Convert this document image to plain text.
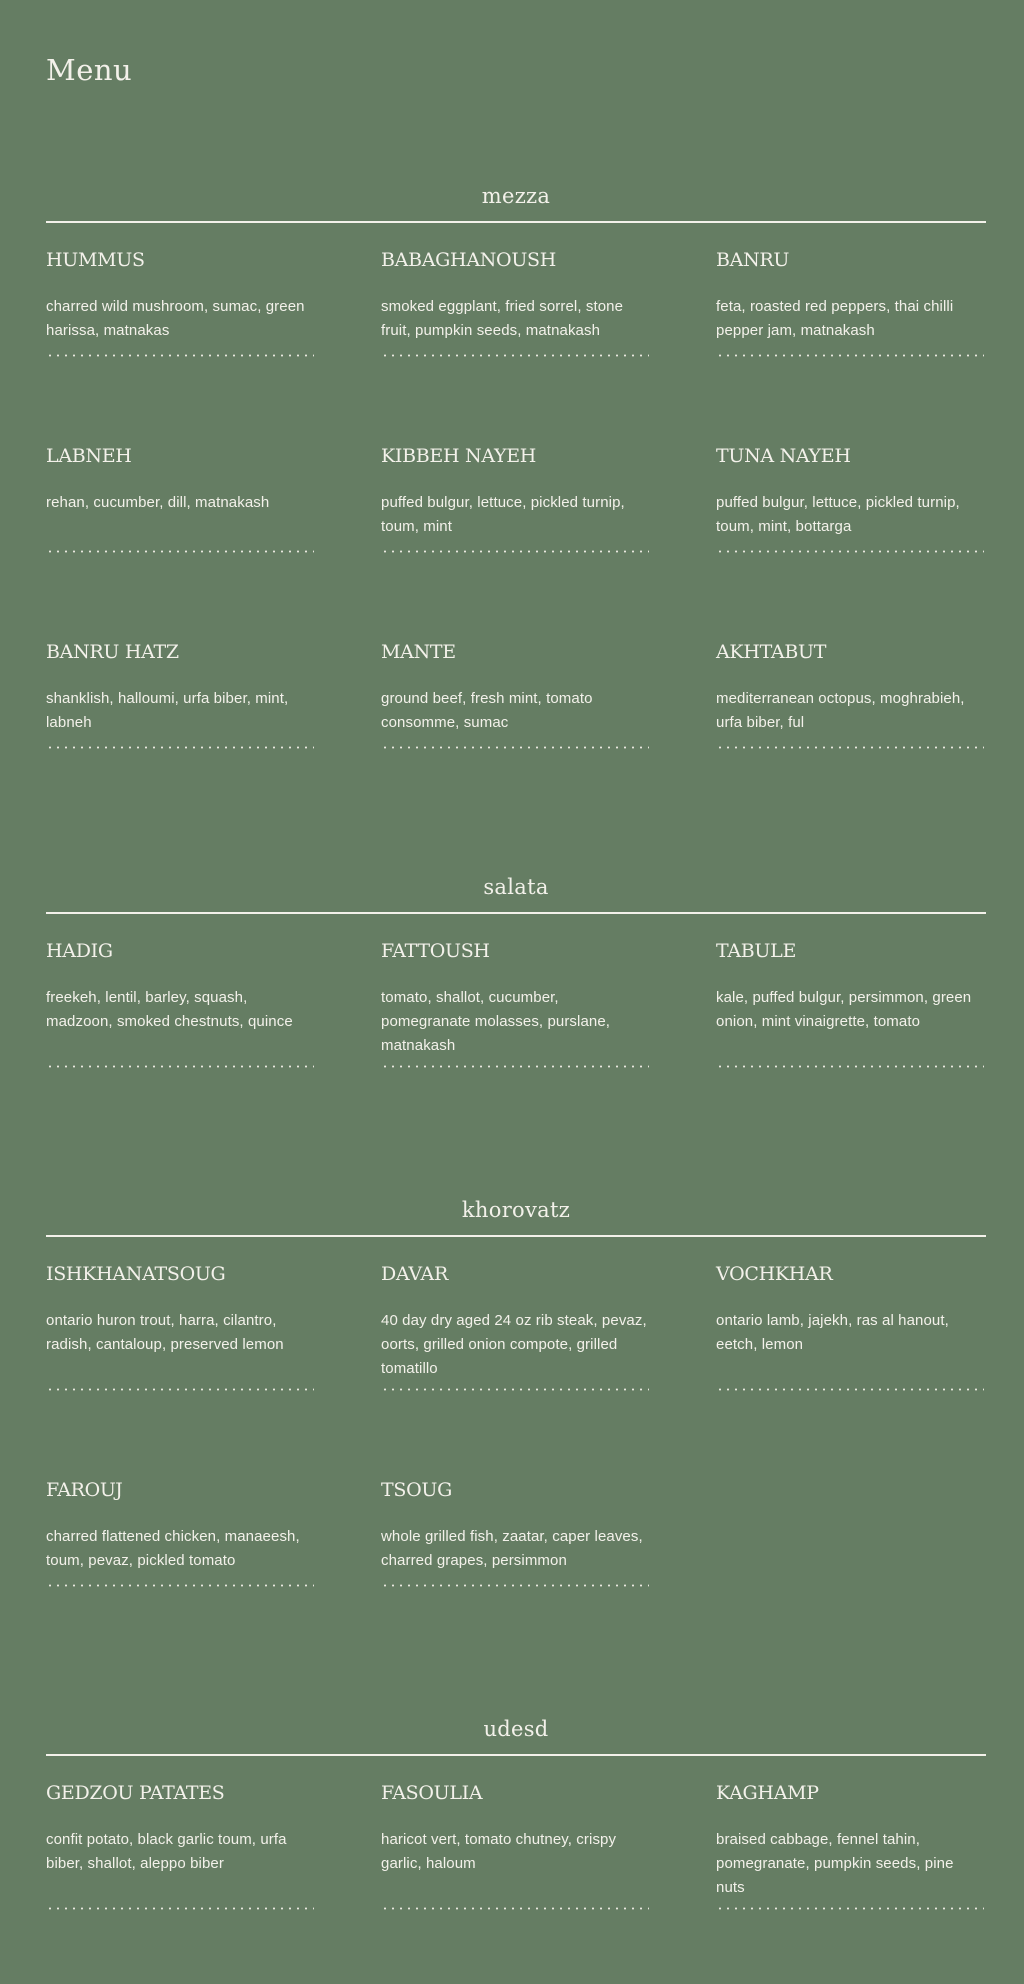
Menu
mezza
HUMMUS
charred wild mushroom, sumac, green harissa, matnakas
BABAGHANOUSH
smoked eggplant, fried sorrel, stone fruit, pumpkin seeds, matnakash
BANRU
feta, roasted red peppers, thai chilli pepper jam, matnakash
LABNEH
rehan, cucumber, dill, matnakash
KIBBEH NAYEH
puffed bulgur, lettuce, pickled turnip, toum, mint
TUNA NAYEH
puffed bulgur, lettuce, pickled turnip, toum, mint, bottarga
BANRU HATZ
shanklish, halloumi, urfa biber, mint, labneh
MANTE
ground beef, fresh mint, tomato consomme, sumac
AKHTABUT
mediterranean octopus, moghrabieh, urfa biber, ful
salata
HADIG
freekeh, lentil, barley, squash, madzoon, smoked chestnuts, quince
FATTOUSH
tomato, shallot, cucumber, pomegranate molasses, purslane, matnakash
TABULE
kale, puffed bulgur, persimmon, green onion, mint vinaigrette, tomato
khorovatz
ISHKHANATSOUG
ontario huron trout, harra, cilantro, radish, cantaloup, preserved lemon
DAVAR
40 day dry aged 24 oz rib steak, pevaz, oorts, grilled onion compote, grilled tomatillo
VOCHKHAR
ontario lamb, jajekh, ras al hanout, eetch, lemon
FAROUJ
charred flattened chicken, manaeesh, toum, pevaz, pickled tomato
TSOUG
whole grilled fish, zaatar, caper leaves, charred grapes, persimmon
udesd
GEDZOU PATATES
confit potato, black garlic toum, urfa biber, shallot, aleppo biber
FASOULIA
haricot vert, tomato chutney, crispy garlic, haloum
KAGHAMP
braised cabbage, fennel tahin, pomegranate, pumpkin seeds, pine nuts
